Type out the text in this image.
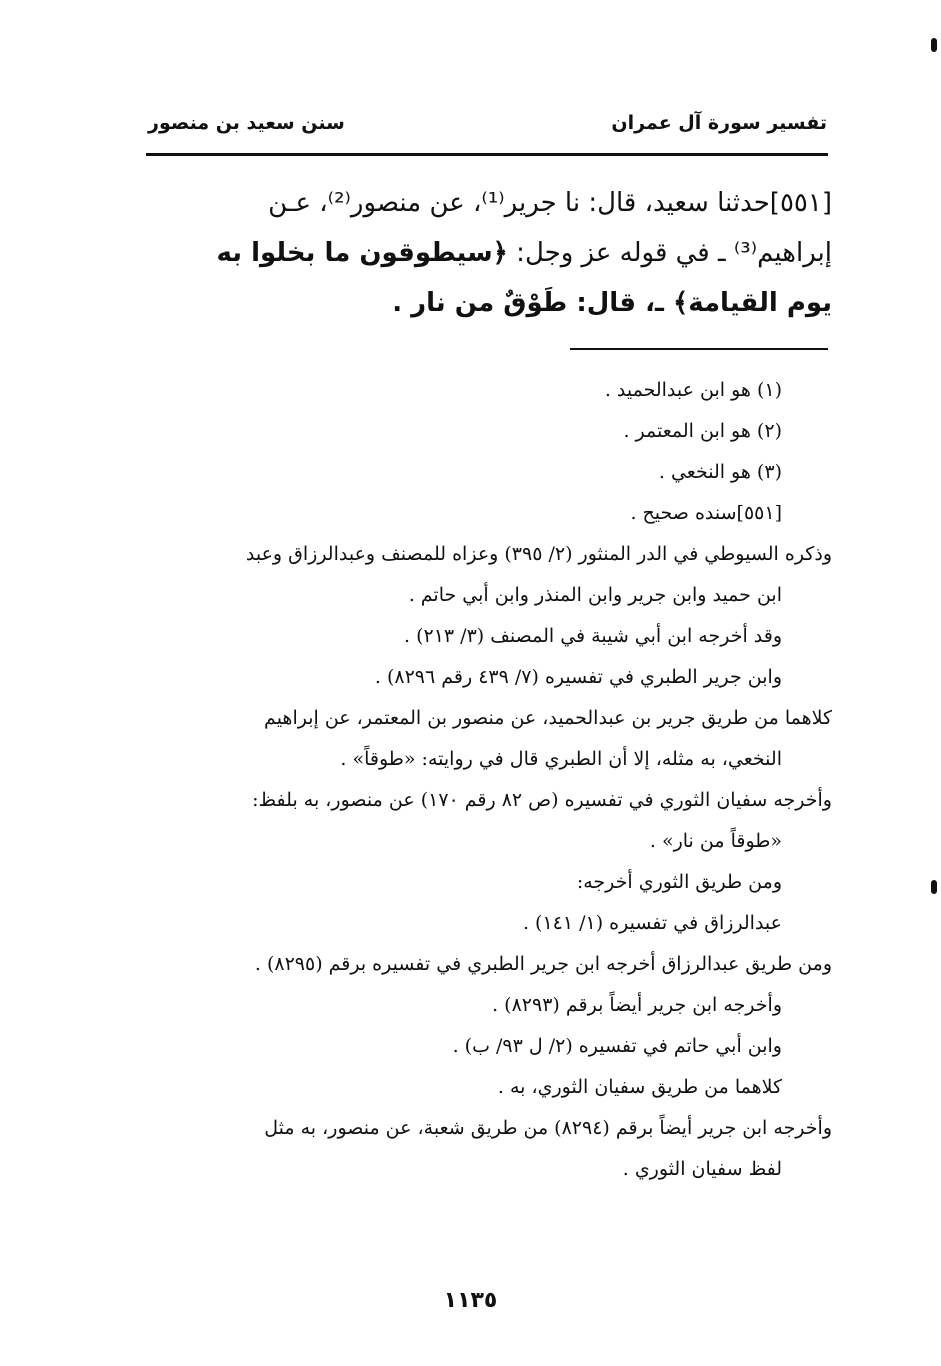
تفسير سورة آل عمران
سنن سعيد بن منصور
[٥٥١]حدثنا سعيد، قال: نا جرير⁽¹⁾، عن منصور⁽²⁾، عـن
إبراهيم⁽³⁾ ـ في قوله عز وجل: ﴿سيطوقون ما بخلوا به
يوم القيامة﴾ ـ، قال: طَوْقٌ من نار .
(١) هو ابن عبدالحميد .
(٢) هو ابن المعتمر .
(٣) هو النخعي .
[٥٥١]سنده صحيح .
وذكره السيوطي في الدر المنثور (٢/ ٣٩٥) وعزاه للمصنف وعبدالرزاق وعبد
ابن حميد وابن جرير وابن المنذر وابن أبي حاتم .
وقد أخرجه ابن أبي شيبة في المصنف (٣/ ٢١٣) .
وابن جرير الطبري في تفسيره (٧/ ٤٣٩ رقم ٨٢٩٦) .
كلاهما من طريق جرير بن عبدالحميد، عن منصور بن المعتمر، عن إبراهيم
النخعي، به مثله، إلا أن الطبري قال في روايته: «طوقاً» .
وأخرجه سفيان الثوري في تفسيره (ص ٨٢ رقم ١٧٠) عن منصور، به بلفظ:
«طوقاً من نار» .
ومن طريق الثوري أخرجه:
عبدالرزاق في تفسيره (١/ ١٤١) .
ومن طريق عبدالرزاق أخرجه ابن جرير الطبري في تفسيره برقم (٨٢٩٥) .
وأخرجه ابن جرير أيضاً برقم (٨٢٩٣) .
وابن أبي حاتم في تفسيره (٢/ ل ٩٣/ ب) .
كلاهما من طريق سفيان الثوري، به .
وأخرجه ابن جرير أيضاً برقم (٨٢٩٤) من طريق شعبة، عن منصور، به مثل
لفظ سفيان الثوري .
١١٣٥
